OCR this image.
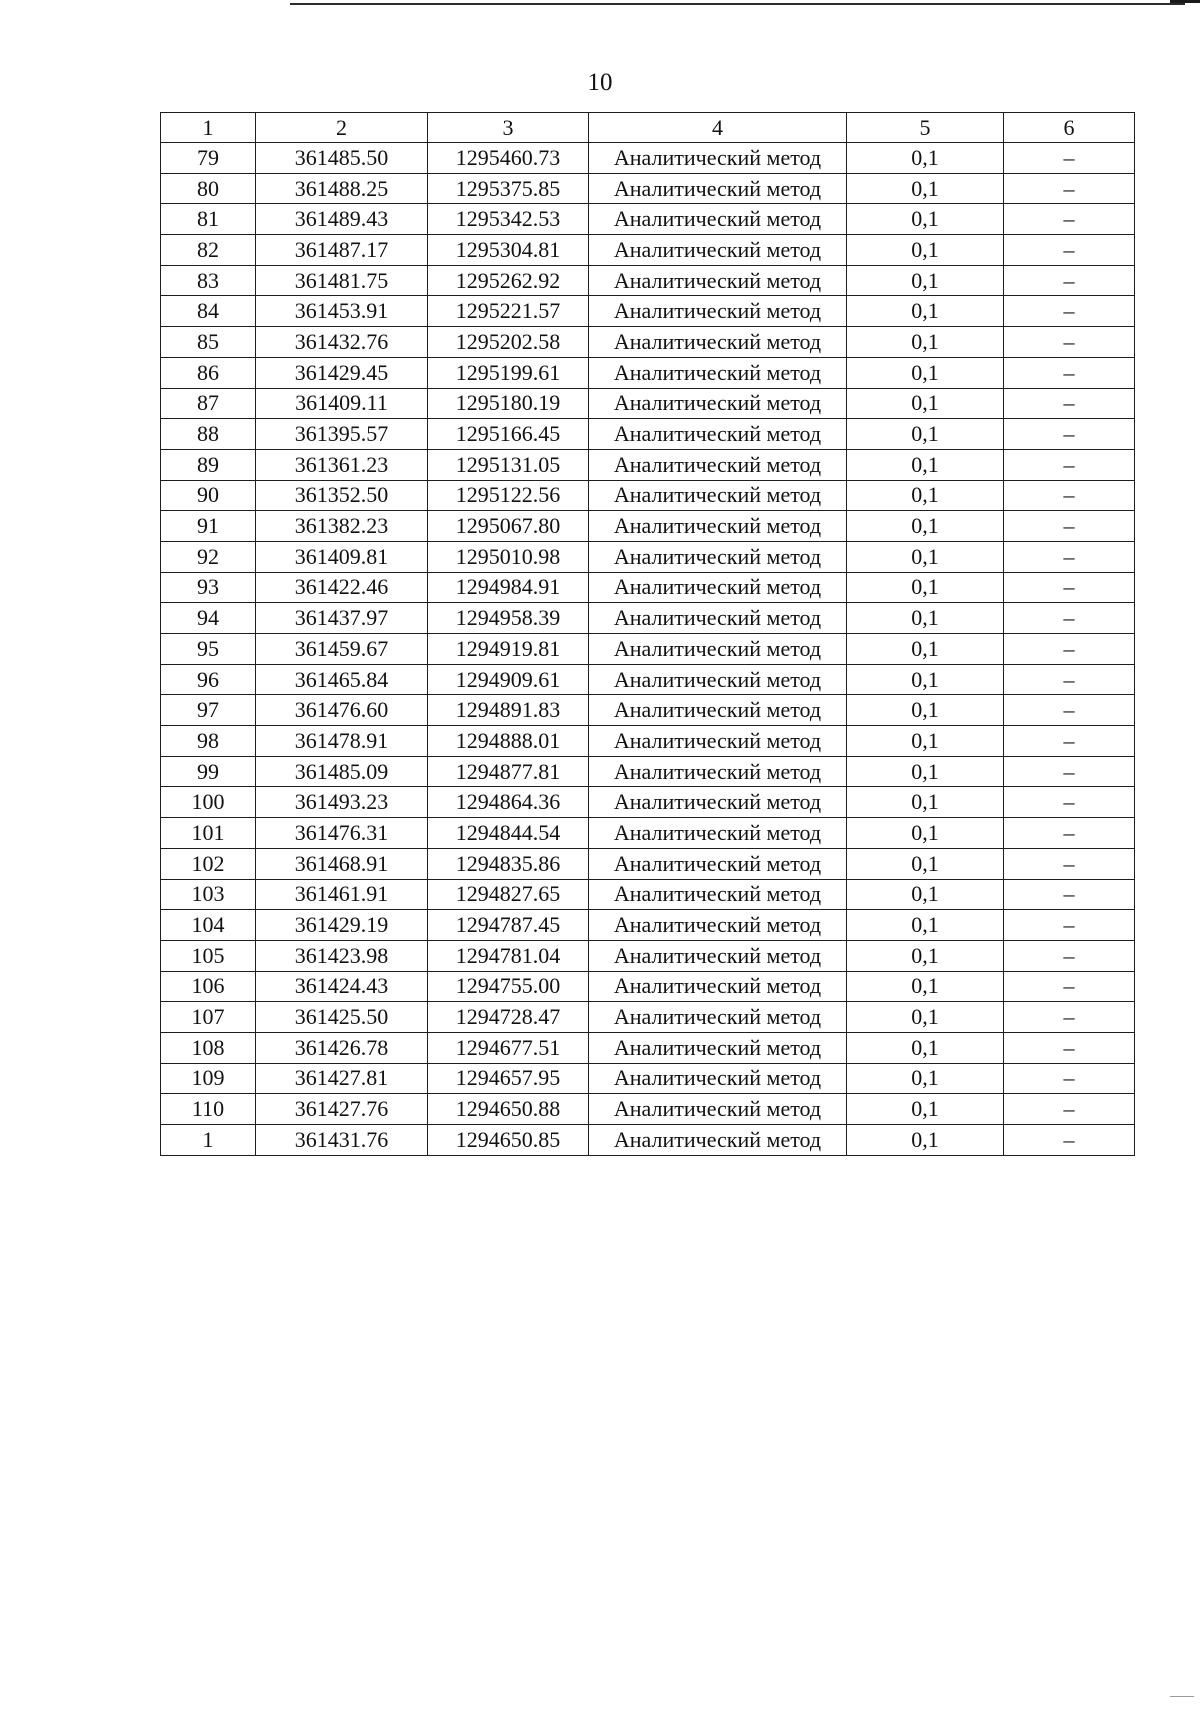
10
1	2	3	4	5	6
79	361485.50	1295460.73	Аналитический метод	0,1	–
80	361488.25	1295375.85	Аналитический метод	0,1	–
81	361489.43	1295342.53	Аналитический метод	0,1	–
82	361487.17	1295304.81	Аналитический метод	0,1	–
83	361481.75	1295262.92	Аналитический метод	0,1	–
84	361453.91	1295221.57	Аналитический метод	0,1	–
85	361432.76	1295202.58	Аналитический метод	0,1	–
86	361429.45	1295199.61	Аналитический метод	0,1	–
87	361409.11	1295180.19	Аналитический метод	0,1	–
88	361395.57	1295166.45	Аналитический метод	0,1	–
89	361361.23	1295131.05	Аналитический метод	0,1	–
90	361352.50	1295122.56	Аналитический метод	0,1	–
91	361382.23	1295067.80	Аналитический метод	0,1	–
92	361409.81	1295010.98	Аналитический метод	0,1	–
93	361422.46	1294984.91	Аналитический метод	0,1	–
94	361437.97	1294958.39	Аналитический метод	0,1	–
95	361459.67	1294919.81	Аналитический метод	0,1	–
96	361465.84	1294909.61	Аналитический метод	0,1	–
97	361476.60	1294891.83	Аналитический метод	0,1	–
98	361478.91	1294888.01	Аналитический метод	0,1	–
99	361485.09	1294877.81	Аналитический метод	0,1	–
100	361493.23	1294864.36	Аналитический метод	0,1	–
101	361476.31	1294844.54	Аналитический метод	0,1	–
102	361468.91	1294835.86	Аналитический метод	0,1	–
103	361461.91	1294827.65	Аналитический метод	0,1	–
104	361429.19	1294787.45	Аналитический метод	0,1	–
105	361423.98	1294781.04	Аналитический метод	0,1	–
106	361424.43	1294755.00	Аналитический метод	0,1	–
107	361425.50	1294728.47	Аналитический метод	0,1	–
108	361426.78	1294677.51	Аналитический метод	0,1	–
109	361427.81	1294657.95	Аналитический метод	0,1	–
110	361427.76	1294650.88	Аналитический метод	0,1	–
1	361431.76	1294650.85	Аналитический метод	0,1	–
